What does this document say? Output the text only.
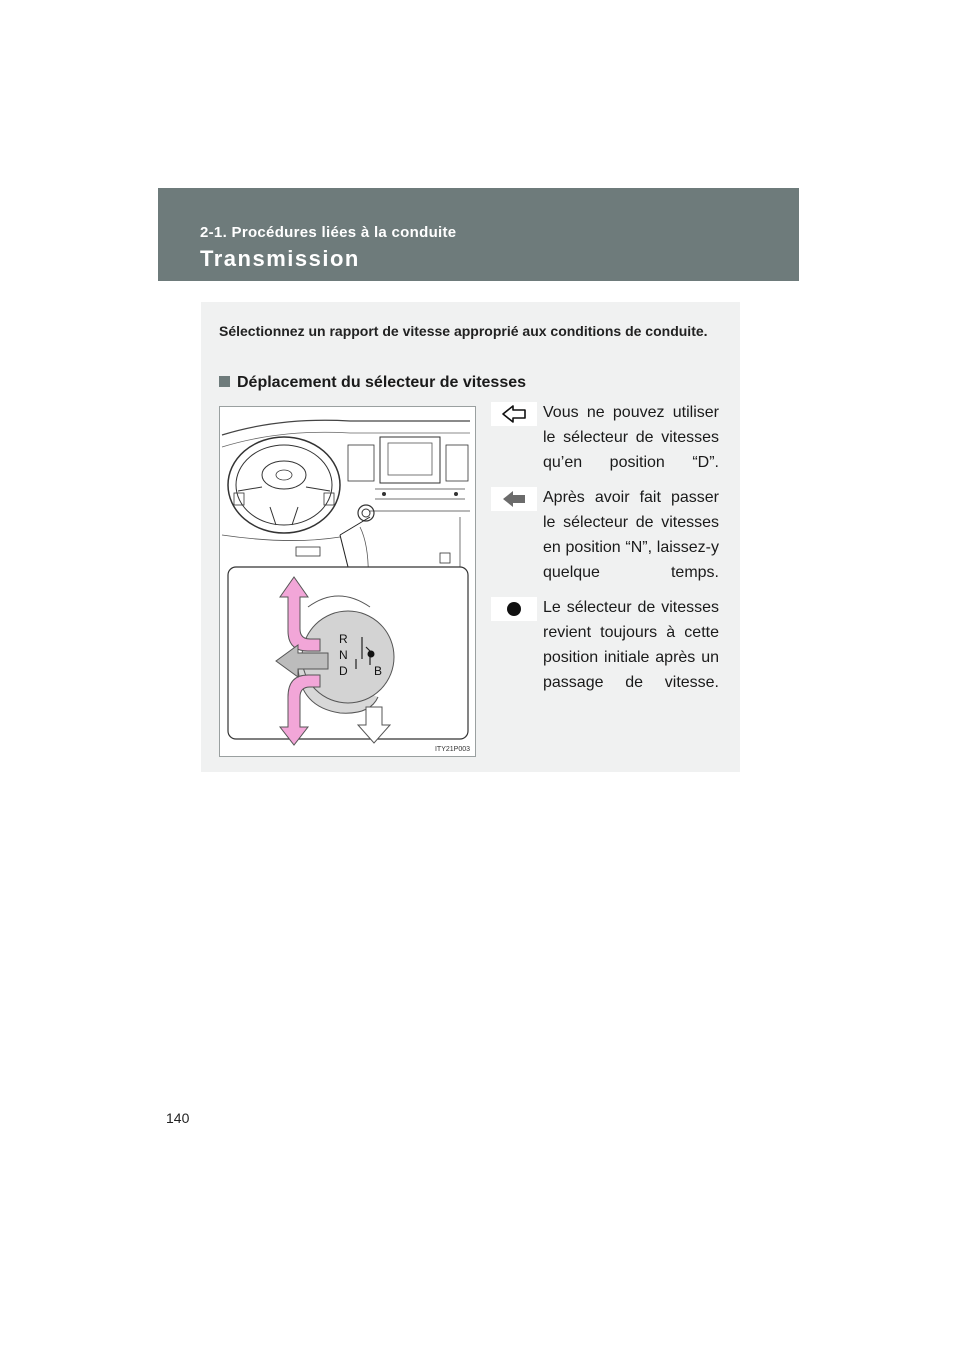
2-1. Procédures liées à la conduite
Transmission
Sélectionnez un rapport de vitesse approprié aux conditions de conduite.
Déplacement du sélecteur de vitesses
R
N
D B
ITY21P003
Vous ne pouvez utiliser le sélecteur de vitesses qu’en position “D”.
Après avoir fait passer le sélecteur de vitesses en position “N”, laissez-y quelque temps.
Le sélecteur de vitesses revient toujours à cette position initiale après un passage de vitesse.
140
